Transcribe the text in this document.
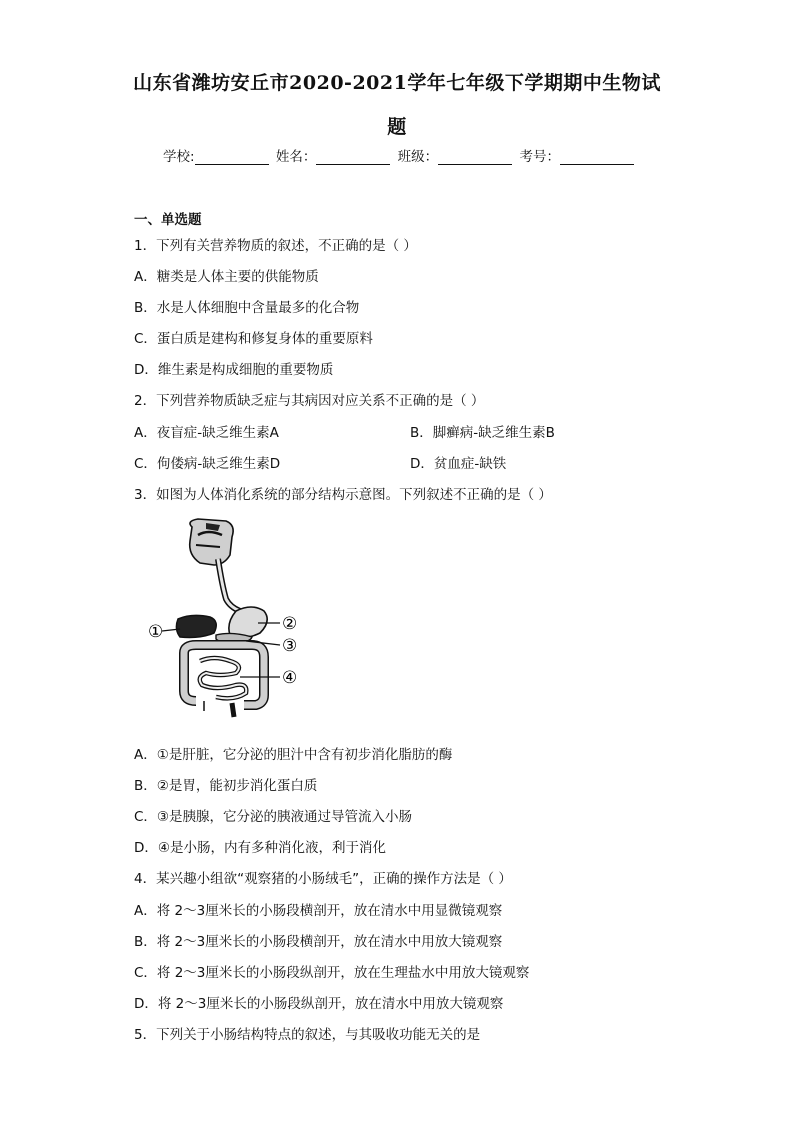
山东省潍坊安丘市2020-2021学年七年级下学期期中生物试
题
学校:	姓名：	班级：	考号：
一、单选题
1．下列有关营养物质的叙述，不正确的是（ ）
A．糖类是人体主要的供能物质
B．水是人体细胞中含量最多的化合物
C．蛋白质是建构和修复身体的重要原料
D．维生素是构成细胞的重要物质
2．下列营养物质缺乏症与其病因对应关系不正确的是（ ）
A．夜盲症-缺乏维生素A	B．脚癣病-缺乏维生素B
C．佝偻病-缺乏维生素D	D．贫血症-缺铁
3．如图为人体消化系统的部分结构示意图。下列叙述不正确的是（ ）
①	②
③
④
A．①是肝脏，它分泌的胆汁中含有初步消化脂肪的酶
B．②是胃，能初步消化蛋白质
C．③是胰腺，它分泌的胰液通过导管流入小肠
D．④是小肠，内有多种消化液，利于消化
4．某兴趣小组欲“观察猪的小肠绒毛”，正确的操作方法是（ ）
A．将 2～3厘米长的小肠段横剖开，放在清水中用显微镜观察
B．将 2～3厘米长的小肠段横剖开，放在清水中用放大镜观察
C．将 2～3厘米长的小肠段纵剖开，放在生理盐水中用放大镜观察
D．将 2～3厘米长的小肠段纵剖开，放在清水中用放大镜观察
5．下列关于小肠结构特点的叙述，与其吸收功能无关的是
